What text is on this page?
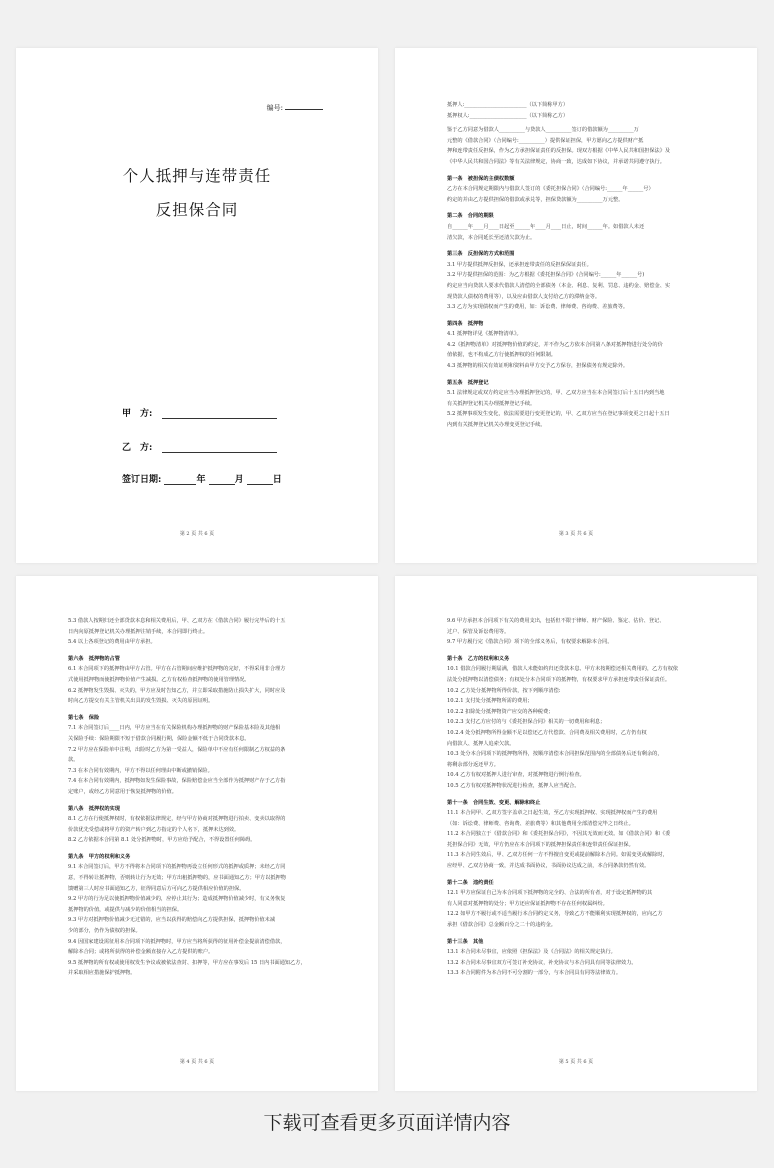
编号:
个人抵押与连带责任
反担保合同
甲　方:
乙　方:
签订日期:	年	月	日
第 2 页 共 6 页
抵押人:________________________（以下简称甲方）
抵押权人:______________________（以下简称乙方）
鉴于乙方同意为借款人__________与贷款人__________签订的借款额为__________万
元整的《借款合同》（合同编号:__________）提供保证担保，甲方愿向乙方提供财产抵
押和连带责任反担保，作为乙方承担保证责任的反担保。现双方根据《中华人民共和国担保法》及
《中华人民共和国合同法》等有关法律规定，协商一致，达成如下协议，并承诺共同遵守执行。
第一条　被担保的主债权数额
乙方在本合同规定期限内与借款人签订的《委托担保合同》（合同编号:______年______号）
约定的并由乙方提供担保的借款或承兑等，担保贷款额为__________万元整。
第二条　合同的期限
自______年____月____日起至______年____月____日止，时间______年。如借款人未还
清欠款，本合同延长至还清欠款为止。
第三条　反担保的方式和范围
3.1 甲方提供抵押反担保，还承担连带责任的反担保保证责任。
3.2 甲方提供担保的范围：为乙方根据《委托担保合同》(合同编号:______年______号)
约定应当向贷款人要求代借款人清偿的全部债务（本金、利息、复利、罚息、违约金、赔偿金、实
现贷款人债权的费用等），以及应由借款人支付给乙方的滞纳金等。
3.3 乙方为实现债权而产生的费用，如：诉讼费、律师费、咨询费、差旅费等。
第四条　抵押物
4.1 抵押物详见《抵押物清单》。
4.2《抵押物清单》对抵押物价值的约定，并不作为乙方依本合同第八条对抵押物进行处分的价
值依据，也不构成乙方行使抵押权的任何限制。
4.3 抵押物的相关有效证明和资料由甲方交予乙方保存，担保债务有规定除外。
第五条　抵押登记
5.1 法律规定或双方约定应当办理抵押登记的，甲、乙双方应当在本合同签订后十五日内到当地
有关抵押登记机关办理抵押登记手续。
5.2 抵押事项发生变化，依法需要进行变更登记的，甲、乙双方应当在登记事项变更之日起十五日
内到有关抵押登记机关办理变更登记手续。
第 3 页 共 6 页
5.3 借款人按期归还全部贷款本息和相关费用后，甲、乙双方在《借款合同》履行完毕后的十五
日内向原抵押登记机关办理抵押注销手续，本合同即行终止。
5.4 以上各项登记的费用由甲方承担。
第六条　抵押物的占管
6.1 本合同项下的抵押物由甲方占管。甲方在占管期间应维护抵押物的完好，不得采用非合理方
式使用抵押物而使抵押物价值产生减损。乙方有权检查抵押物的使用管理情况。
6.2 抵押物发生毁损、灭失的，甲方应及时告知乙方，并立即采取措施防止损失扩大，同时应及
时向乙方提交有关主管机关出具的发生毁损、灭失的原因证明。
第七条　保险
7.1 本合同签订后____日内，甲方应当在有关保险机构办理抵押物的财产保险基本险及其他相
关保险手续：保险期限不短于借款合同履行期，保险金额不低于合同贷款本息。
7.2 甲方应在保险单中注明，出险时乙方为第一受益人，保险单中不应有任何限制乙方权益的条
款。
7.3 在本合同有效期内，甲方不得以任何理由中断或撤销保险。
7.4 在本合同有效期内，抵押物如发生保险事故，保险赔偿金应当全部作为抵押财产存于乙方指
定账户，或经乙方同意用于恢复抵押物的价值。
第八条　抵押权的实现
8.1 乙方在行使抵押权时，有权依据法律规定，经与甲方协商对抵押物进行拍卖、变卖以取得的
价款优先受偿或将甲方的资产转户到乙方指定的个人名下，抵押未达到效。
8.2 乙方依据本合同第 8.1 处分抵押物时，甲方应给予配合，不得设置任何障碍。
第九条　甲方的权利和义务
9.1 本合同签订后，甲方不得将本合同项下的抵押物再设立任何形式的抵押或质押；未经乙方同
意，不得转让抵押物，否则转让行为无效；甲方出租抵押物的，应书面通知乙方；甲方以抵押物
馈赠第三人时应书面通知乙方，征得同意后方可向乙方提供相应价值的担保。
9.2 甲方的行为足以使抵押物价值减少的，应停止其行为；造成抵押物价值减少时，有义务恢复
抵押物的价值，或提供与减少的价值相当的担保。
9.3 甲方对抵押物价值减少无过错的，应当以获得的赔偿向乙方提供担保，抵押物价值未减
少的部分，仍作为债权的担保。
9.4 因国家建设需征用本合同项下的抵押物时，甲方应当将所获得的征用补偿金提前清偿借款，
解除本合同；或将所获得的补偿金额直接存入乙方提供的账户。
9.5 抵押物的所有权或使用权发生争议或被依法查封、扣押等，甲方应在事发后 15 日内书面通知乙方，
并采取相应措施保护抵押物。
第 4 页 共 6 页
9.6 甲方承担本合同项下有关的费用支出，包括但不限于律师、财产保险、鉴定、估价、登记、
过户、保管及诉讼费用等。
9.7 甲方履行完《借款合同》项下的全部义务后，有权要求解除本合同。
第十条　乙方的权利和义务
10.1 借款合同履行期届满，借款人未能如约归还贷款本息、甲方未按期偿还相关费用的，乙方有权依
法处分抵押物以清偿债务；有权处分本合同项下的抵押物，有权要求甲方承担连带责任保证责任。
10.2 乙方处分抵押物所得价款，按下列顺序清偿:
10.2.1 支付处分抵押物所需的费用；
10.2.2 扣除处分抵押物资产应交的各种税费；
10.2.3 支付乙方应付的与《委托担保合同》相关的一切费用和利息；
10.2.4 处分抵押物所得金额不足以偿还乙方代偿款、合同费及相关费用时，乙方仍有权
向借款人、抵押人追索欠款。
10.3 处分本合同项下的抵押物所得，按顺序清偿本合同担保范围内的全部债务后还有剩余的，
将剩余部分返还甲方。
10.4 乙方有权对抵押人进行审查，对抵押物进行例行检查。
10.5 乙方有权对抵押物状况进行检查，抵押人应当配合。
第十一条　合同生效、变更、解除和终止
11.1 本合同甲、乙双方签字盖章之日起生效，至乙方实现抵押权、实现抵押权而产生的费用
（如：诉讼费、律师费、咨询费、差旅费等）和其他费用全部清偿完毕之日终止。
11.2 本合同独立于《借款合同》和《委托担保合同》，不因其无效而无效。如《借款合同》和《委
托担保合同》无效，甲方仍应在本合同项下的抵押担保责任和连带责任保证担保。
11.3 本合同生效后，甲、乙双方任何一方不得擅自变更或提前解除本合同。如需变更或解除时，
应经甲、乙双方协商一致，并达成书面协议，书面协议达成之前，本合同条款仍然有效。
第十二条　违约责任
12.1 甲方应保证自己为本合同项下抵押物的完全的、合法的所有者，对于设定抵押物的其
有人同意对抵押物的处分；甲方还应保证抵押物不存在任何权属纠纷。
12.2 如甲方不履行或不适当履行本合同约定义务，导致乙方不能顺利实现抵押权的，应向乙方
承担《借款合同》总金额百分之二十的违约金。
第十三条　其他
13.1 本合同未尽事宜，应依照《担保法》及《合同法》的相关规定执行。
13.2 本合同未尽事宜双方可签订补充协议，补充协议与本合同具有同等法律效力。
13.3 本合同附件为本合同不可分割的一部分，与本合同具有同等法律效力。
第 5 页 共 6 页
下载可查看更多页面详情内容
